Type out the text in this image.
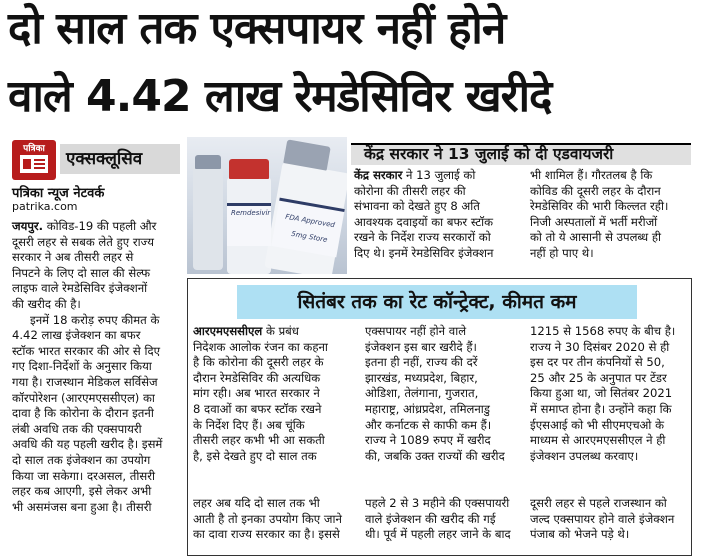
दो साल तक एक्सपायर नहीं होने
वाले 4.42 लाख रेमडेसिविर खरीदे
पत्रिका	एक्सक्लूसिव
पत्रिका न्यूज नेटवर्क
patrika.com
जयपुर. कोविड-19 की पहली और
दूसरी लहर से सबक लेते हुए राज्य
सरकार ने अब तीसरी लहर से
निपटने के लिए दो साल की सेल्फ
लाइफ वाले रेमडेसिविर इंजेक्शनों
की खरीद की है।
इनमें 18 करोड़ रुपए कीमत के
4.42 लाख इंजेक्शन का बफर
स्टॉक भारत सरकार की ओर से दिए
गए दिशा-निर्देशों के अनुसार किया
गया है। राजस्थान मेडिकल सर्विसेज
कॉरपोरेशन (आरएमएससीएल) का
दावा है कि कोरोना के दौरान इतनी
लंबी अवधि तक की एक्सपायरी
अवधि की यह पहली खरीद है। इसमें
दो साल तक इंजेक्शन का उपयोग
किया जा सकेगा। दरअसल, तीसरी
लहर कब आएगी, इसे लेकर अभी
भी असमंजस बना हुआ है। तीसरी
Remdesivir FDA Approved
5mg Store
केंद्र सरकार ने 13 जुलाई को दी एडवायजरी
केंद्र सरकार ने 13 जुलाई को
कोरोना की तीसरी लहर की
संभावना को देखते हुए 8 अति
आवश्यक दवाइयों का बफर स्टॉक
रखने के निर्देश राज्य सरकारों को
दिए थे। इनमें रेमडेसिविर इंजेक्शन
भी शामिल हैं। गौरतलब है कि
कोविड की दूसरी लहर के दौरान
रेमडेसिविर की भारी किल्लत रही।
निजी अस्पतालों में भर्ती मरीजों
को तो ये आसानी से उपलब्ध ही
नहीं हो पाए थे।
सितंबर तक का रेट कॉन्ट्रेक्ट, कीमत कम
आरएमएससीएल के प्रबंध
निदेशक आलोक रंजन का कहना
है कि कोरोना की दूसरी लहर के
दौरान रेमडेसिविर की अत्यधिक
मांग रही। अब भारत सरकार ने
8 दवाओं का बफर स्टॉक रखने
के निर्देश दिए हैं। अब चूंकि
तीसरी लहर कभी भी आ सकती
है, इसे देखते हुए दो साल तक
एक्सपायर नहीं होने वाले
इंजेक्शन इस बार खरीदे हैं।
इतना ही नहीं, राज्य की दरें
झारखंड, मध्यप्रदेश, बिहार,
ओडिशा, तेलंगाना, गुजरात,
महाराष्ट्र, आंध्रप्रदेश, तमिलनाडु
और कर्नाटक से काफी कम हैं।
राज्य ने 1089 रुपए में खरीद
की, जबकि उक्त राज्यों की खरीद
1215 से 1568 रुपए के बीच है।
राज्य ने 30 दिसंबर 2020 से ही
इस दर पर तीन कंपनियों से 50,
25 और 25 के अनुपात पर टेंडर
किया हुआ था, जो सितंबर 2021
में समाप्त होना है। उन्होंने कहा कि
ईएसआई को भी सीएमएचओ के
माध्यम से आरएमएससीएल ने ही
इंजेक्शन उपलब्ध करवाए।
लहर अब यदि दो साल तक भी
आती है तो इनका उपयोग किए जाने
का दावा राज्य सरकार का है। इससे
पहले 2 से 3 महीने की एक्सपायरी
वाले इंजेक्शन की खरीद की गई
थी। पूर्व में पहली लहर जाने के बाद
दूसरी लहर से पहले राजस्थान को
जल्द एक्सपायर होने वाले इंजेक्शन
पंजाब को भेजने पड़े थे।
